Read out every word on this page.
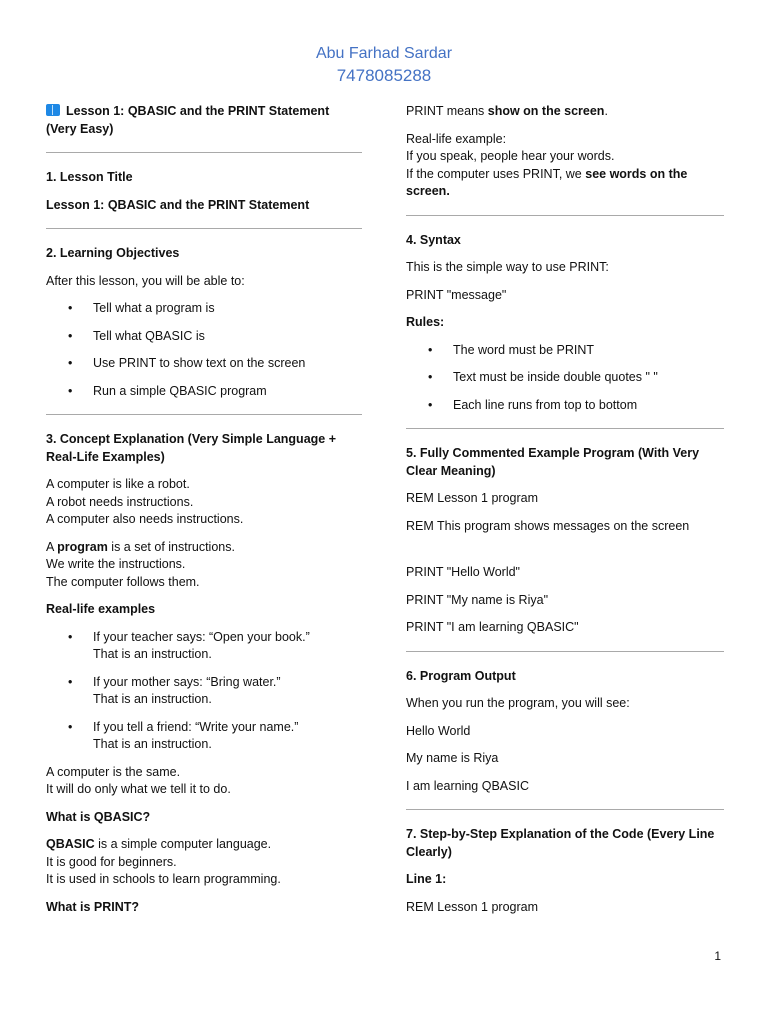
Abu Farhad Sardar
7478085288

Lesson 1: QBASIC and the PRINT Statement (Very Easy)

1. Lesson Title

Lesson 1: QBASIC and the PRINT Statement

2. Learning Objectives

After this lesson, you will be able to:

• Tell what a program is
• Tell what QBASIC is
• Use PRINT to show text on the screen
• Run a simple QBASIC program

3. Concept Explanation (Very Simple Language + Real-Life Examples)

A computer is like a robot.
A robot needs instructions.
A computer also needs instructions.

A program is a set of instructions.
We write the instructions.
The computer follows them.

Real-life examples

• If your teacher says: “Open your book.”
That is an instruction.
• If your mother says: “Bring water.”
That is an instruction.
• If you tell a friend: “Write your name.”
That is an instruction.

A computer is the same.
It will do only what we tell it to do.

What is QBASIC?

QBASIC is a simple computer language.
It is good for beginners.
It is used in schools to learn programming.

What is PRINT?

PRINT means show on the screen.

Real-life example:
If you speak, people hear your words.
If the computer uses PRINT, we see words on the screen.

4. Syntax

This is the simple way to use PRINT:

PRINT "message"

Rules:

• The word must be PRINT
• Text must be inside double quotes " "
• Each line runs from top to bottom

5. Fully Commented Example Program (With Very Clear Meaning)

REM Lesson 1 program

REM This program shows messages on the screen

PRINT "Hello World"

PRINT "My name is Riya"

PRINT "I am learning QBASIC"

6. Program Output

When you run the program, you will see:

Hello World

My name is Riya

I am learning QBASIC

7. Step-by-Step Explanation of the Code (Every Line Clearly)

Line 1:

REM Lesson 1 program

1
